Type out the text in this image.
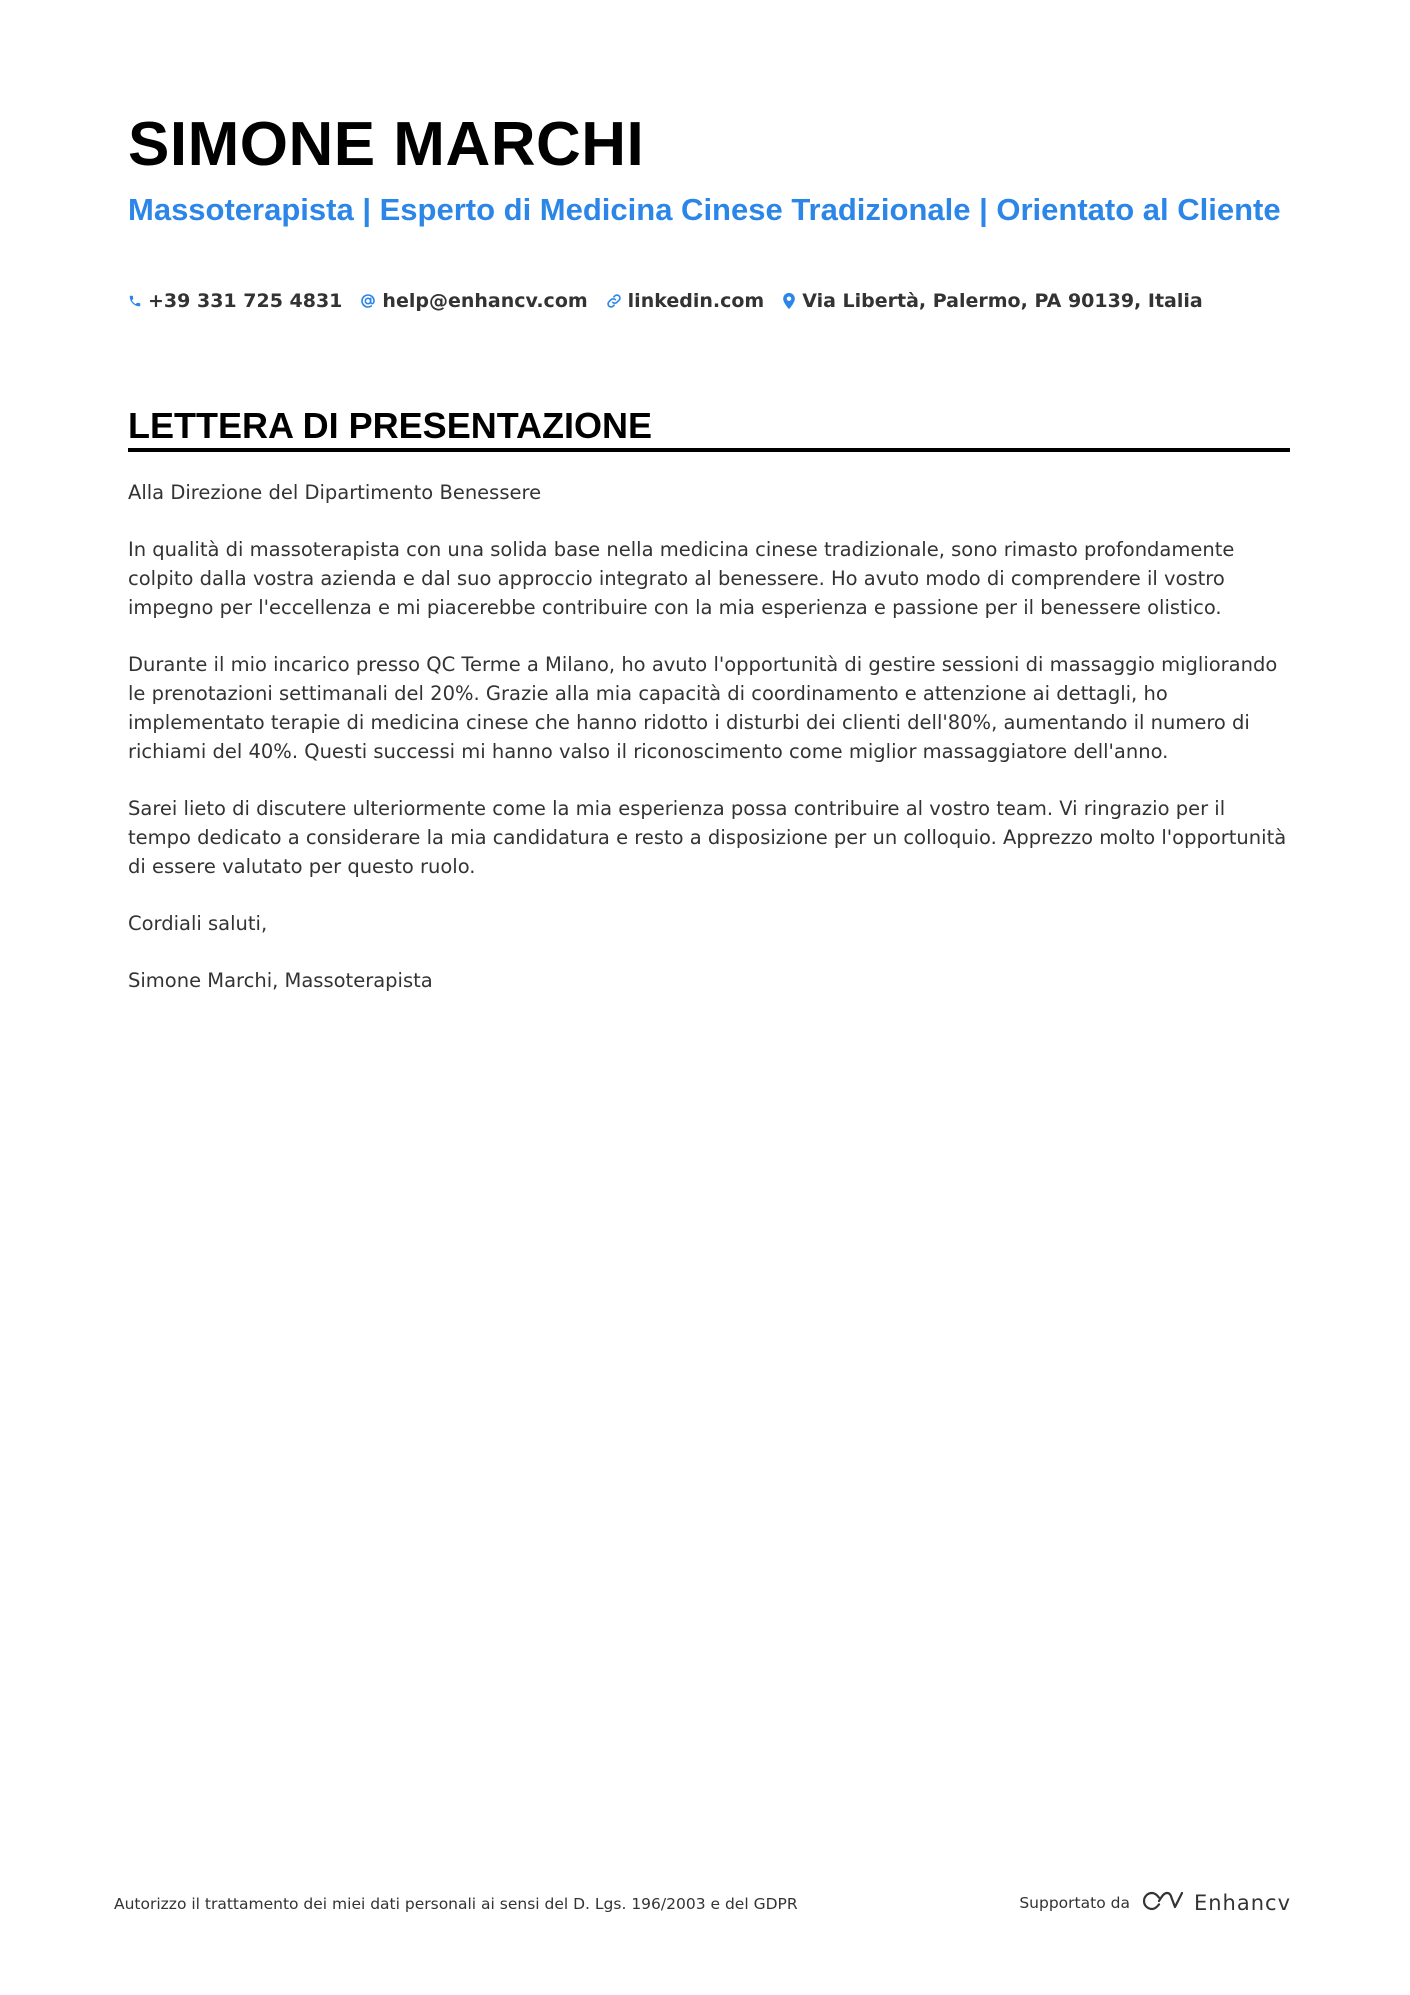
SIMONE MARCHI
Massoterapista | Esperto di Medicina Cinese Tradizionale | Orientato al Cliente
+39 331 725 4831 help@enhancv.com linkedin.com Via Libertà, Palermo, PA 90139, Italia
LETTERA DI PRESENTAZIONE

Alla Direzione del Dipartimento Benessere

In qualità di massoterapista con una solida base nella medicina cinese tradizionale, sono rimasto profondamente colpito dalla vostra azienda e dal suo approccio integrato al benessere. Ho avuto modo di comprendere il vostro impegno per l'eccellenza e mi piacerebbe contribuire con la mia esperienza e passione per il benessere olistico.

Durante il mio incarico presso QC Terme a Milano, ho avuto l'opportunità di gestire sessioni di massaggio migliorando le prenotazioni settimanali del 20%. Grazie alla mia capacità di coordinamento e attenzione ai dettagli, ho implementato terapie di medicina cinese che hanno ridotto i disturbi dei clienti dell'80%, aumentando il numero di richiami del 40%. Questi successi mi hanno valso il riconoscimento come miglior massaggiatore dell'anno.

Sarei lieto di discutere ulteriormente come la mia esperienza possa contribuire al vostro team. Vi ringrazio per il tempo dedicato a considerare la mia candidatura e resto a disposizione per un colloquio. Apprezzo molto l'opportunità di essere valutato per questo ruolo.

Cordiali saluti,

Simone Marchi, Massoterapista

Autorizzo il trattamento dei miei dati personali ai sensi del D. Lgs. 196/2003 e del GDPR	Supportato da	Enhancv
